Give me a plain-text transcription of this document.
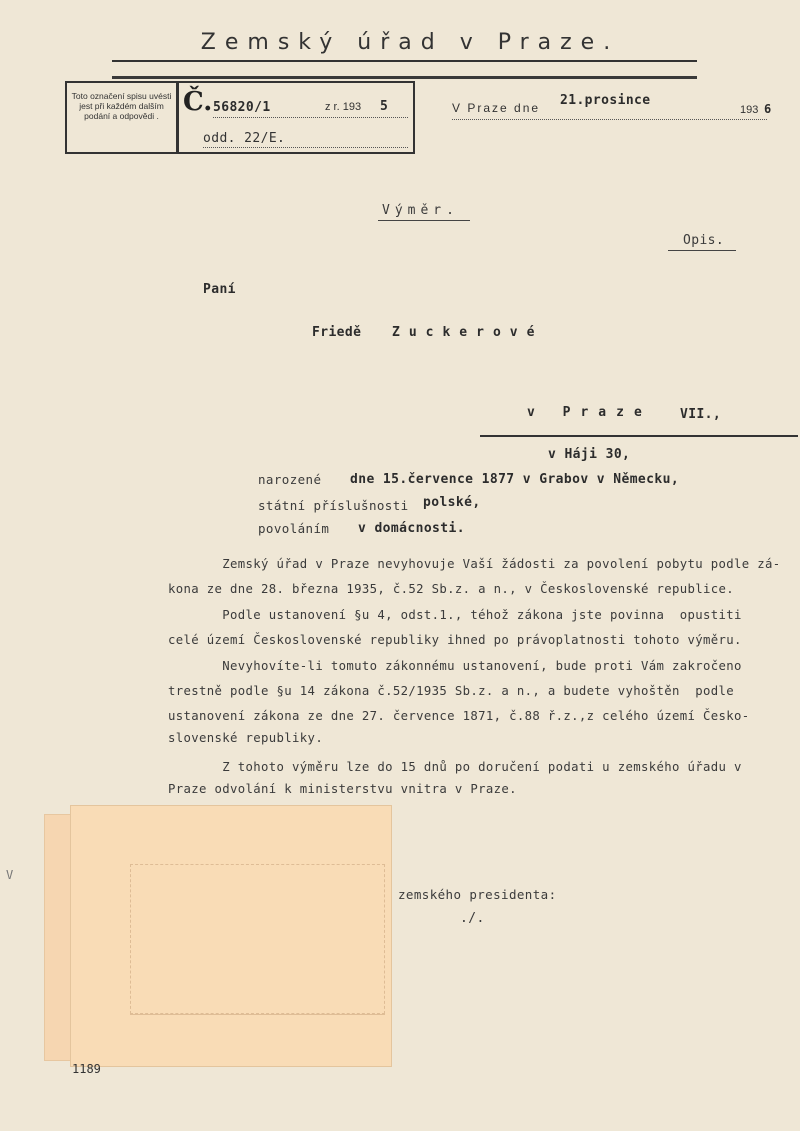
Zemský úřad v Praze.
Toto označení spisu uvésti jest při každém dalším podání a odpovědi . Č. 56820/1	z r. 193 5
odd. 22/E.
V Praze dne 21.prosince
193 6
Výměr.
Opis.
Paní
Friedě Zuckerové
v Praze VII.,
v Háji 30,
narozené dne 15.července 1877 v Grabov v Německu,
státní příslušnosti polské,
povoláním v domácnosti.
Zemský úřad v Praze nevyhovuje Vaší žádosti za povolení pobytu podle zá-
kona ze dne 28. března 1935, č.52 Sb.z. a n., v Československé republice.
Podle ustanovení §u 4, odst.1., téhož zákona jste povinna  opustiti
celé území Československé republiky ihned po právoplatnosti tohoto výměru.
Nevyhovíte-li tomuto zákonnému ustanovení, bude proti Vám zakročeno
trestně podle §u 14 zákona č.52/1935 Sb.z. a n., a budete vyhoštěn  podle
ustanovení zákona ze dne 27. července 1871, č.88 ř.z.,z celého území Česko-
slovenské republiky.
Z tohoto výměru lze do 15 dnů po doručení podati u zemského úřadu v
Praze odvolání k ministerstvu vnitra v Praze.
zemského presidenta:
./.
V
1189
